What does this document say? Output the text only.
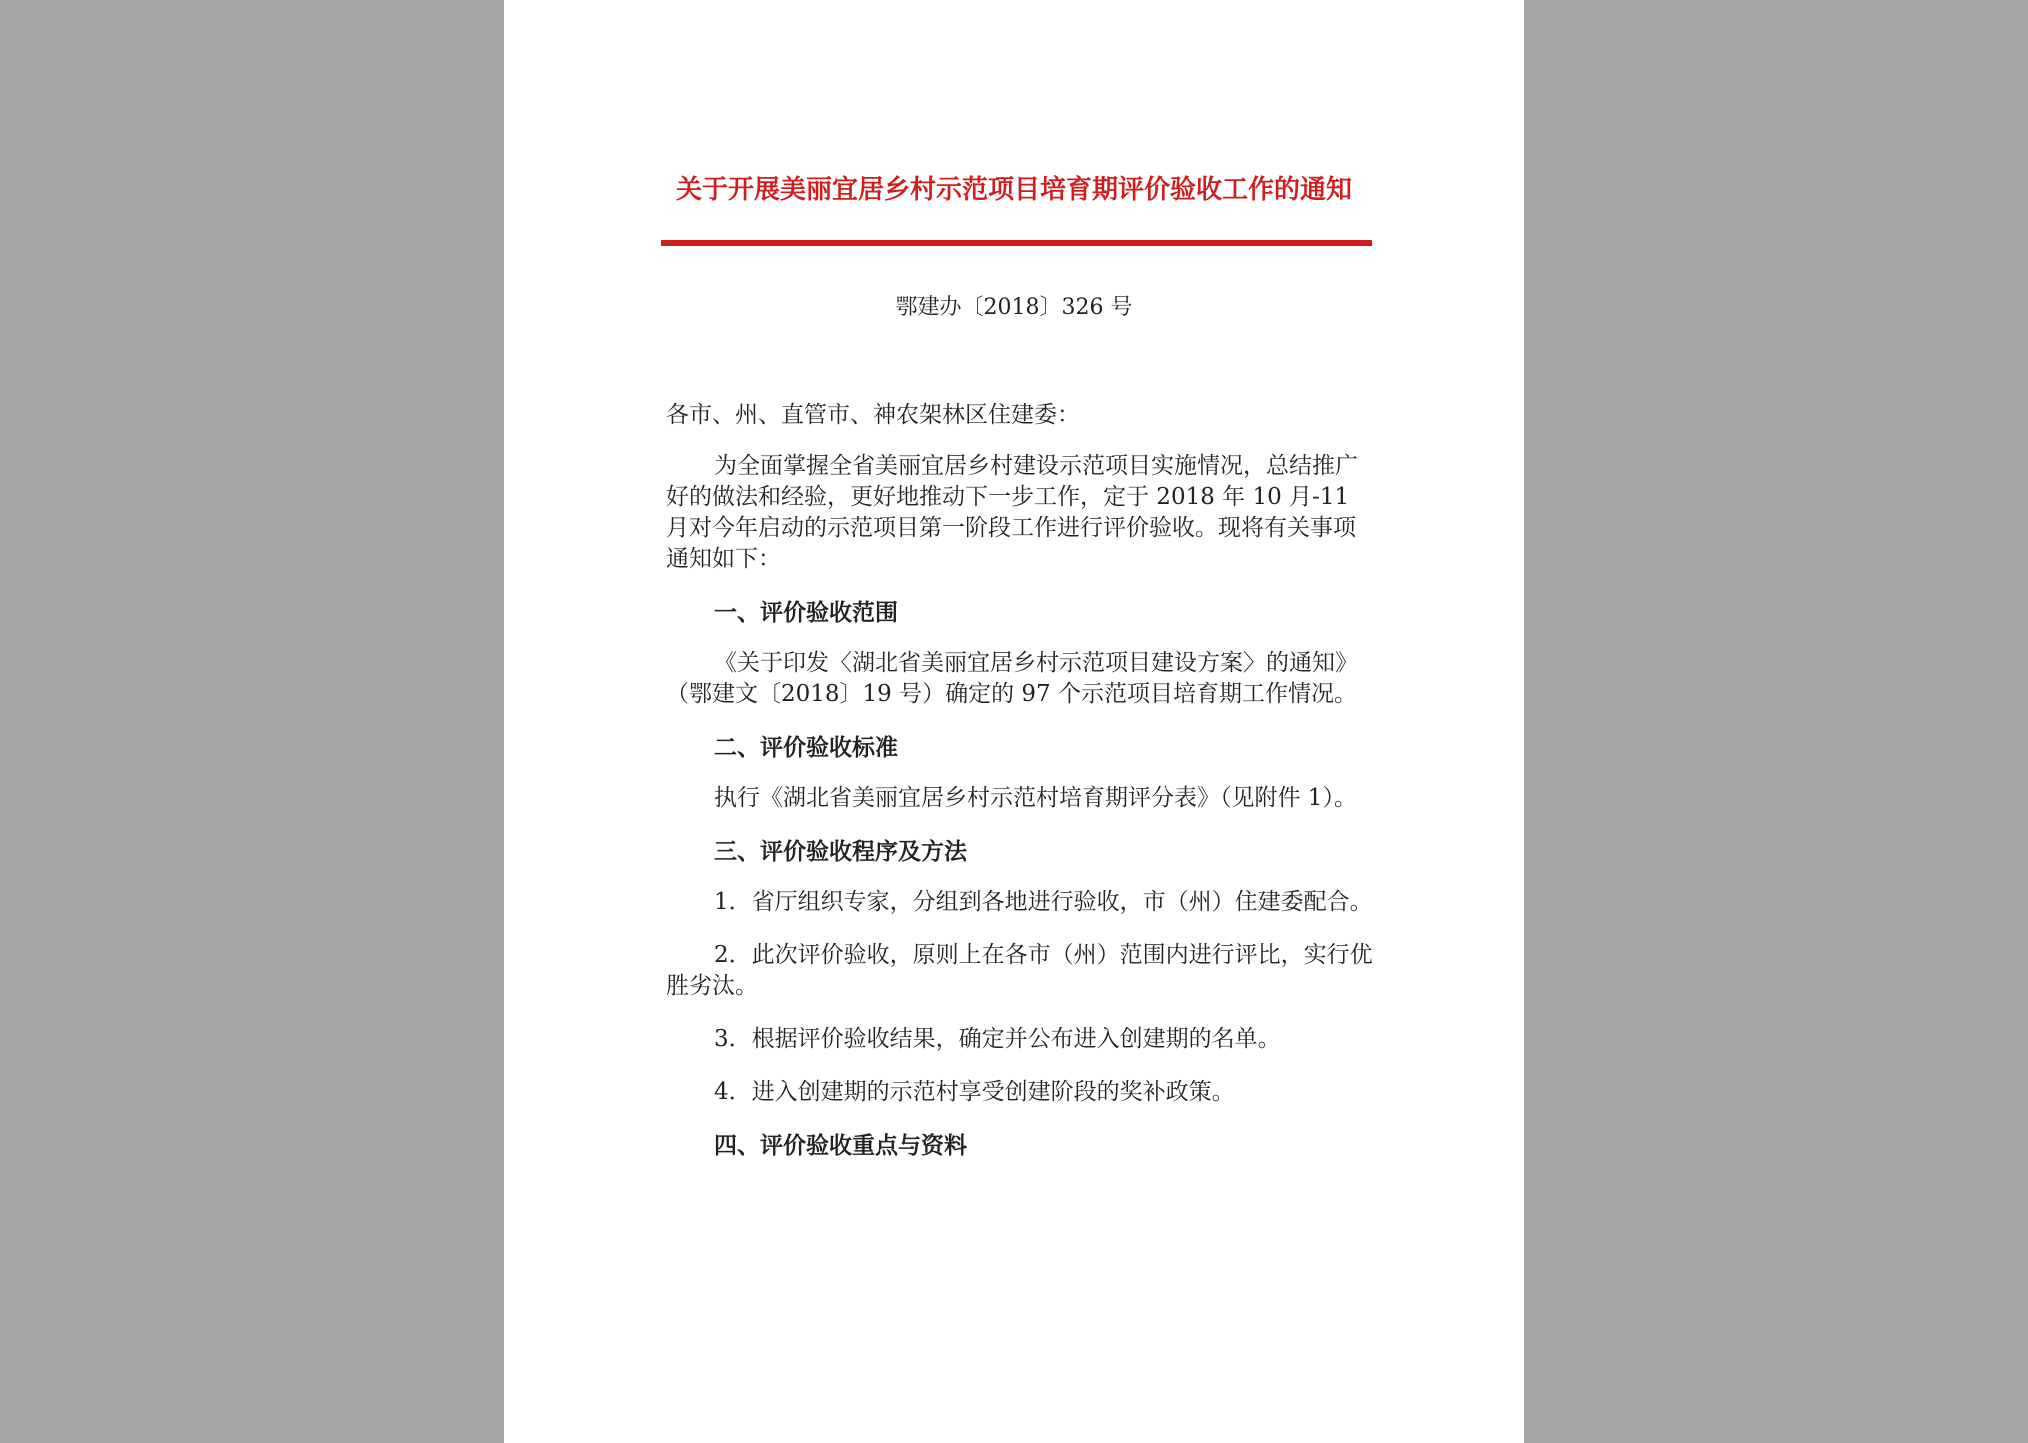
关于开展美丽宜居乡村示范项目培育期评价验收工作的通知
鄂建办〔2018〕326 号

各市、州、直管市、神农架林区住建委：

为全面掌握全省美丽宜居乡村建设示范项目实施情况，总结推广好的做法和经验，更好地推动下一步工作，定于 2018 年 10 月-11 月对今年启动的示范项目第一阶段工作进行评价验收。现将有关事项通知如下：

一、评价验收范围

《关于印发〈湖北省美丽宜居乡村示范项目建设方案〉的通知》（鄂建文〔2018〕19 号）确定的 97 个示范项目培育期工作情况。

二、评价验收标准

执行《湖北省美丽宜居乡村示范村培育期评分表》（见附件 1）。

三、评价验收程序及方法

1．省厅组织专家，分组到各地进行验收，市（州）住建委配合。

2．此次评价验收，原则上在各市（州）范围内进行评比，实行优胜劣汰。

3．根据评价验收结果，确定并公布进入创建期的名单。

4．进入创建期的示范村享受创建阶段的奖补政策。

四、评价验收重点与资料
